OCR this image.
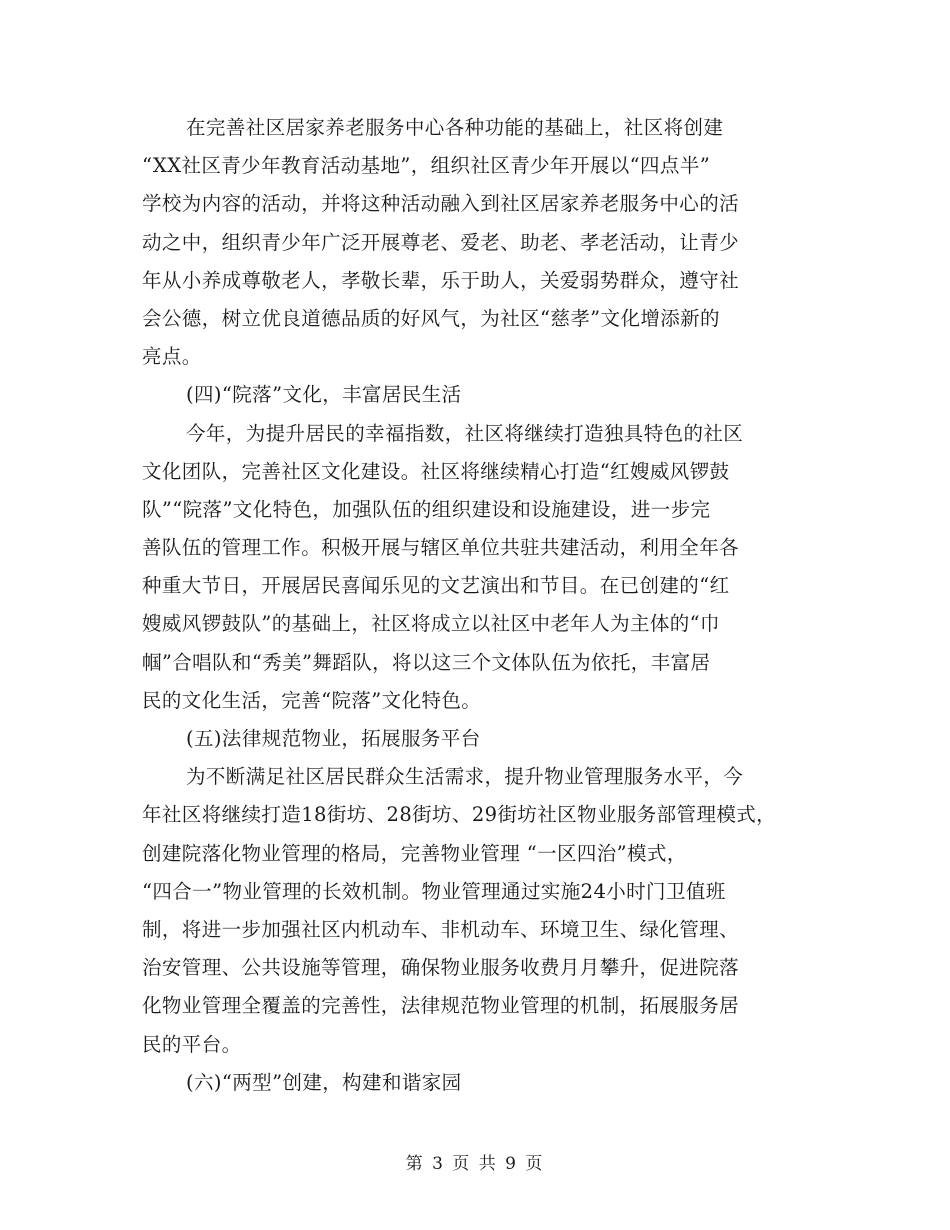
在完善社区居家养老服务中心各种功能的基础上，社区将创建
“XX社区青少年教育活动基地”，组织社区青少年开展以“四点半”
学校为内容的活动，并将这种活动融入到社区居家养老服务中心的活
动之中，组织青少年广泛开展尊老、爱老、助老、孝老活动，让青少
年从小养成尊敬老人，孝敬长辈，乐于助人，关爱弱势群众，遵守社
会公德，树立优良道德品质的好风气，为社区“慈孝”文化增添新的
亮点。
(四)“院落”文化，丰富居民生活
今年，为提升居民的幸福指数，社区将继续打造独具特色的社区
文化团队，完善社区文化建设。社区将继续精心打造“红嫂威风锣鼓
队”“院落”文化特色，加强队伍的组织建设和设施建设，进一步完
善队伍的管理工作。积极开展与辖区单位共驻共建活动，利用全年各
种重大节日，开展居民喜闻乐见的文艺演出和节目。在已创建的“红
嫂威风锣鼓队”的基础上，社区将成立以社区中老年人为主体的“巾
帼”合唱队和“秀美”舞蹈队，将以这三个文体队伍为依托，丰富居
民的文化生活，完善“院落”文化特色。
(五)法律规范物业，拓展服务平台
为不断满足社区居民群众生活需求，提升物业管理服务水平，今
年社区将继续打造18街坊、28街坊、29街坊社区物业服务部管理模式，
创建院落化物业管理的格局，完善物业管理 “一区四治”模式，
“四合一”物业管理的长效机制。物业管理通过实施24小时门卫值班
制，将进一步加强社区内机动车、非机动车、环境卫生、绿化管理、
治安管理、公共设施等管理，确保物业服务收费月月攀升，促进院落
化物业管理全覆盖的完善性，法律规范物业管理的机制，拓展服务居
民的平台。
(六)“两型”创建，构建和谐家园
第 3 页 共 9 页
